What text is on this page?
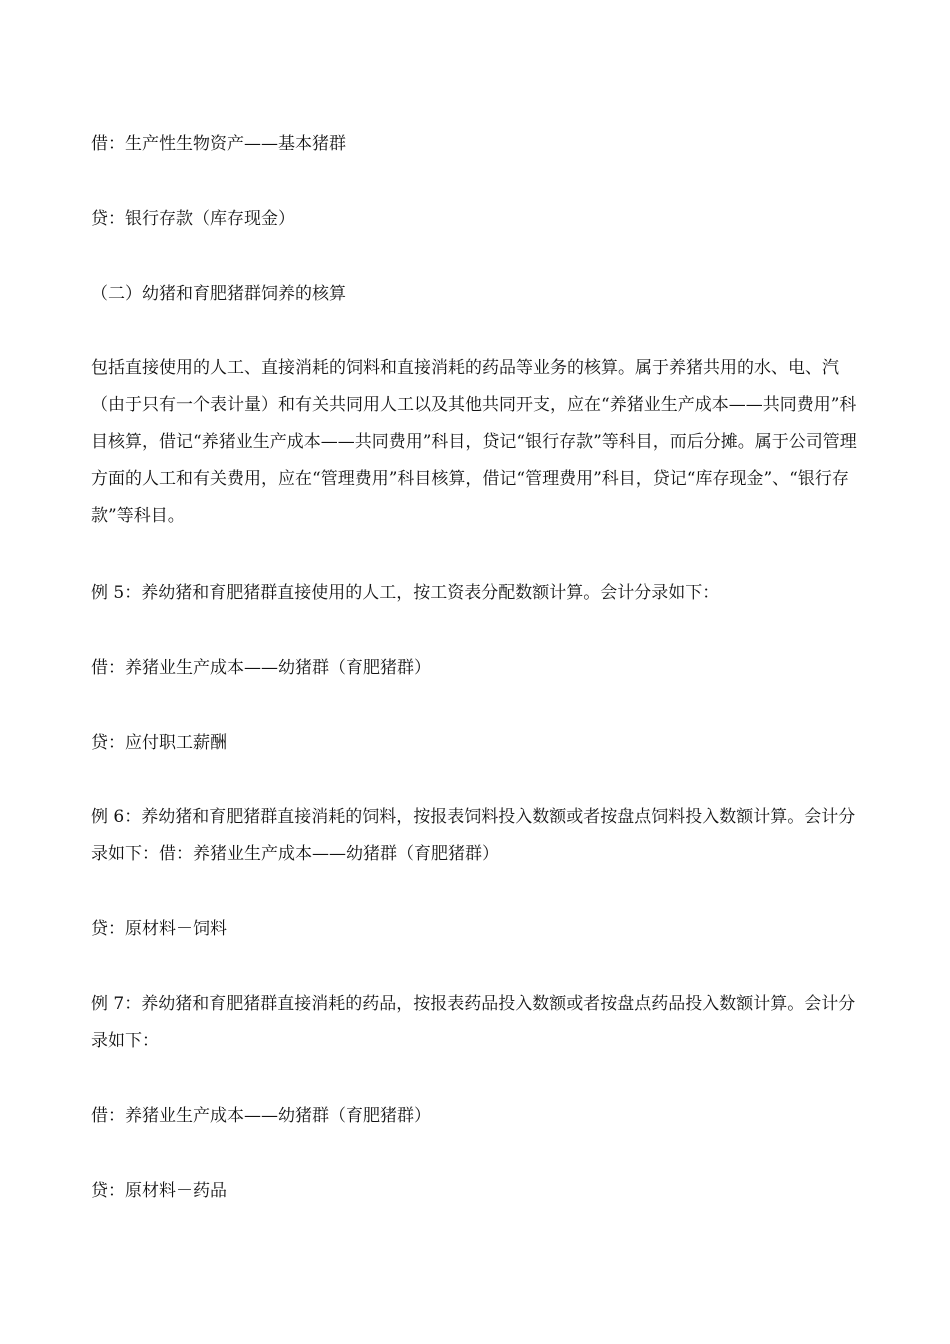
借：生产性生物资产——基本猪群

贷：银行存款（库存现金）

（二）幼猪和育肥猪群饲养的核算

包括直接使用的人工、直接消耗的饲料和直接消耗的药品等业务的核算。属于养猪共用的水、电、汽（由于只有一个表计量）和有关共同用人工以及其他共同开支，应在“养猪业生产成本——共同费用”科目核算，借记“养猪业生产成本——共同费用”科目，贷记“银行存款”等科目，而后分摊。属于公司管理方面的人工和有关费用，应在“管理费用”科目核算，借记“管理费用”科目，贷记“库存现金”、“银行存款”等科目。

例 5：养幼猪和育肥猪群直接使用的人工，按工资表分配数额计算。会计分录如下：

借：养猪业生产成本——幼猪群（育肥猪群）

贷：应付职工薪酬

例 6：养幼猪和育肥猪群直接消耗的饲料，按报表饲料投入数额或者按盘点饲料投入数额计算。会计分录如下：借：养猪业生产成本——幼猪群（育肥猪群）

贷：原材料－饲料

例 7：养幼猪和育肥猪群直接消耗的药品，按报表药品投入数额或者按盘点药品投入数额计算。会计分录如下：

借：养猪业生产成本——幼猪群（育肥猪群）

贷：原材料－药品
